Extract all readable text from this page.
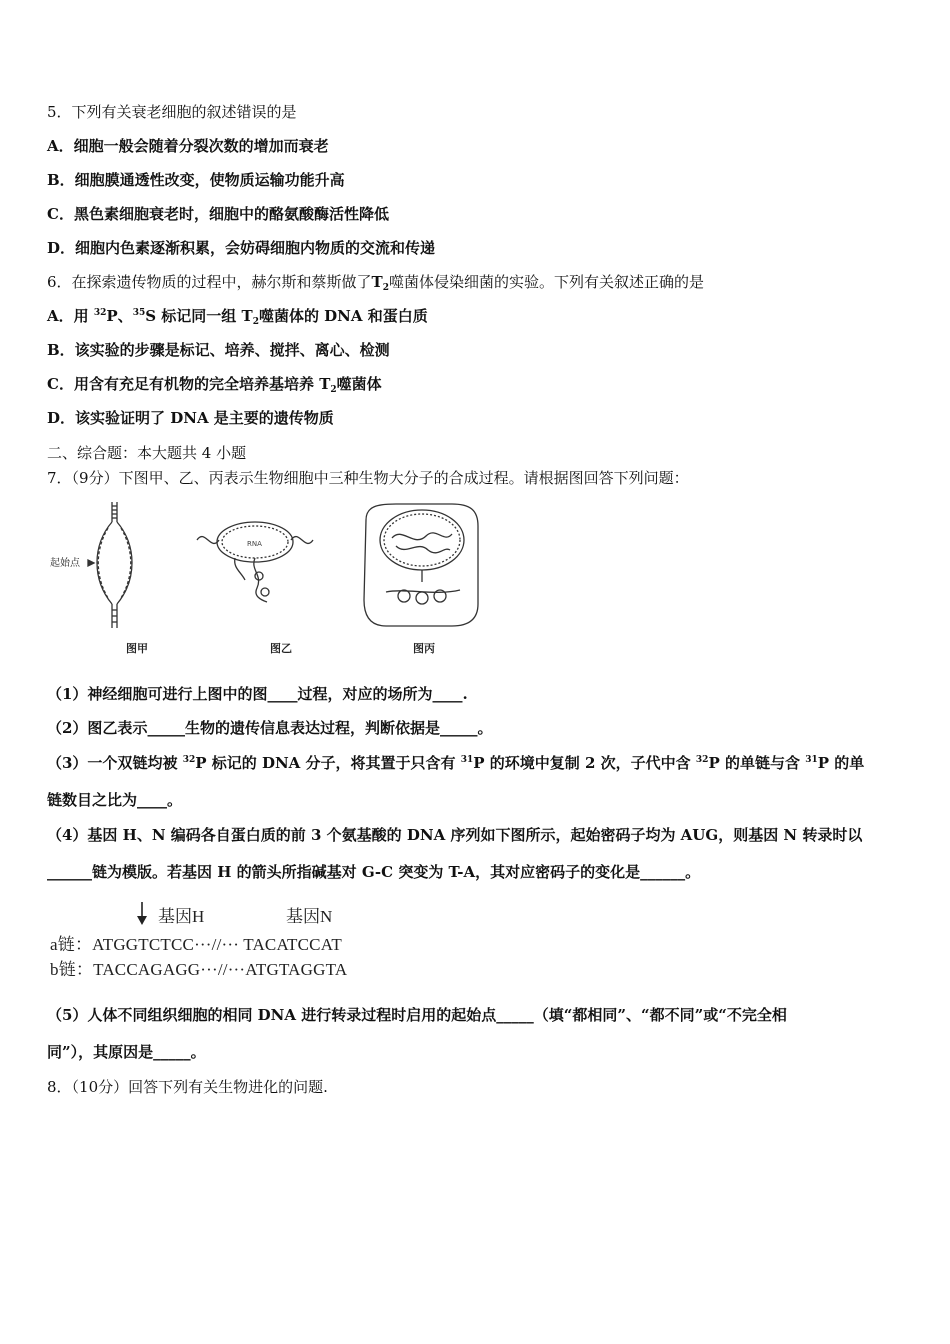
5．下列有关衰老细胞的叙述错误的是
A．细胞一般会随着分裂次数的增加而衰老
B．细胞膜通透性改变，使物质运输功能升高
C．黑色素细胞衰老时，细胞中的酪氨酸酶活性降低
D．细胞内色素逐渐积累，会妨碍细胞内物质的交流和传递
6．在探索遗传物质的过程中，赫尔斯和蔡斯做了$T_2$噬菌体侵染细菌的实验。下列有关叙述正确的是
A．用 $^{32}$P、$^{35}$S 标记同一组 $T_2$噬菌体的 DNA 和蛋白质
B．该实验的步骤是标记、培养、搅拌、离心、检测
C．用含有充足有机物的完全培养基培养 $T_2$噬菌体
D．该实验证明了 DNA 是主要的遗传物质
二、综合题：本大题共 4 小题
7．（9分）下图甲、乙、丙表示生物细胞中三种生物大分子的合成过程。请根据图回答下列问题：
起始点
RNA
图甲	图乙	图丙
（1）神经细胞可进行上图中的图____过程，对应的场所为____.
（2）图乙表示_____生物的遗传信息表达过程，判断依据是_____。
（3）一个双链均被 $^{32}$P 标记的 DNA 分子，将其置于只含有 $^{31}$P 的环境中复制 2 次，子代中含 $^{32}$P 的单链与含 $^{31}$P 的单
链数目之比为____。
（4）基因 H、N 编码各自蛋白质的前 3 个氨基酸的 DNA 序列如下图所示，起始密码子均为 AUG，则基因 N 转录时以
______链为模版。若基因 H 的箭头所指碱基对 G-C 突变为 T-A，其对应密码子的变化是______。
基因H	基因N
a链：ATGGTCTCC···//··· TACATCCAT
b链：TACCAGAGG···//···ATGTAGGTA
（5）人体不同组织细胞的相同 DNA 进行转录过程时启用的起始点_____（填“都相同”、“都不同”或“不完全相
同”），其原因是_____。
8．（10分）回答下列有关生物进化的问题.
